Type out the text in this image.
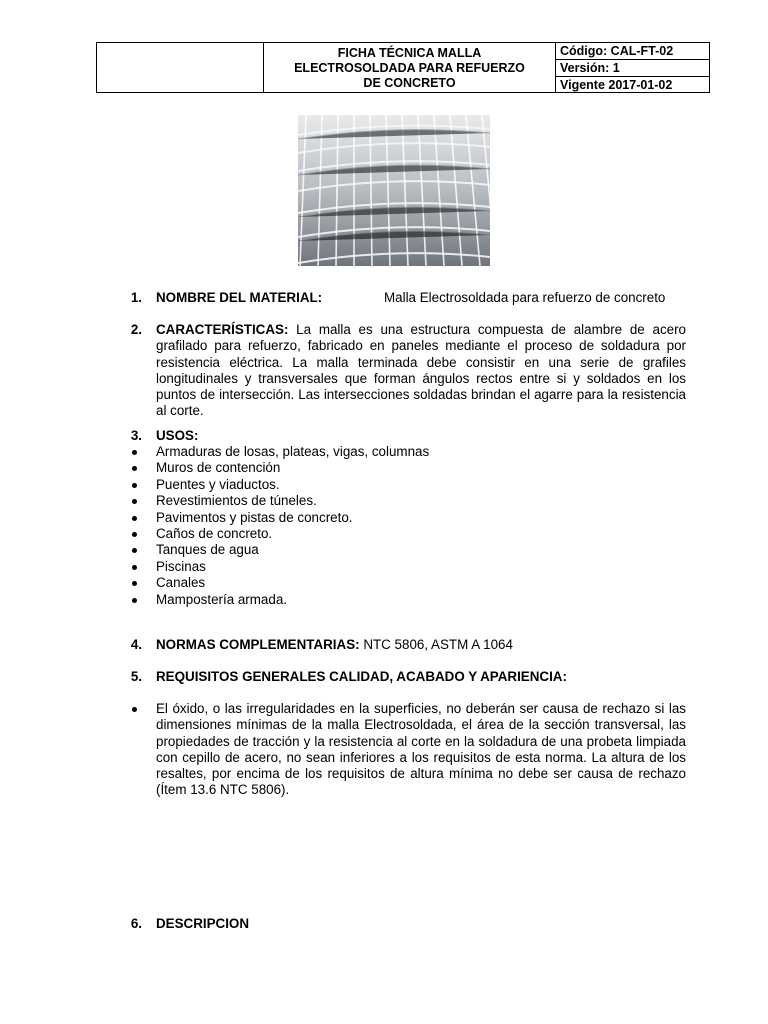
FICHA TÉCNICA MALLA
ELECTROSOLDADA PARA REFUERZO
DE CONCRETO
Código: CAL-FT-02
Versión: 1
Vigente 2017-01-02
1. NOMBRE DEL MATERIAL:	Malla Electrosoldada para refuerzo de concreto
2. CARACTERÍSTICAS: La malla es una estructura compuesta de alambre de acero grafilado para refuerzo, fabricado en paneles mediante el proceso de soldadura por resistencia eléctrica. La malla terminada debe consistir en una serie de grafiles longitudinales y transversales que forman ángulos rectos entre si y soldados en los puntos de intersección. Las intersecciones soldadas brindan el agarre para la resistencia al corte.
3. USOS:
Armaduras de losas, plateas, vigas, columnas
Muros de contención
Puentes y viaductos.
Revestimientos de túneles.
Pavimentos y pistas de concreto.
Caños de concreto.
Tanques de agua
Piscinas
Canales
Mampostería armada.
4. NORMAS COMPLEMENTARIAS: NTC 5806, ASTM A 1064
5. REQUISITOS GENERALES CALIDAD, ACABADO Y APARIENCIA:
El óxido, o las irregularidades en la superficies, no deberán ser causa de rechazo si las dimensiones mínimas de la malla Electrosoldada, el área de la sección transversal, las propiedades de tracción y la resistencia al corte en la soldadura de una probeta limpiada con cepillo de acero, no sean inferiores a los requisitos de esta norma. La altura de los resaltes, por encima de los requisitos de altura mínima no debe ser causa de rechazo (Ítem 13.6 NTC 5806).
6. DESCRIPCION
